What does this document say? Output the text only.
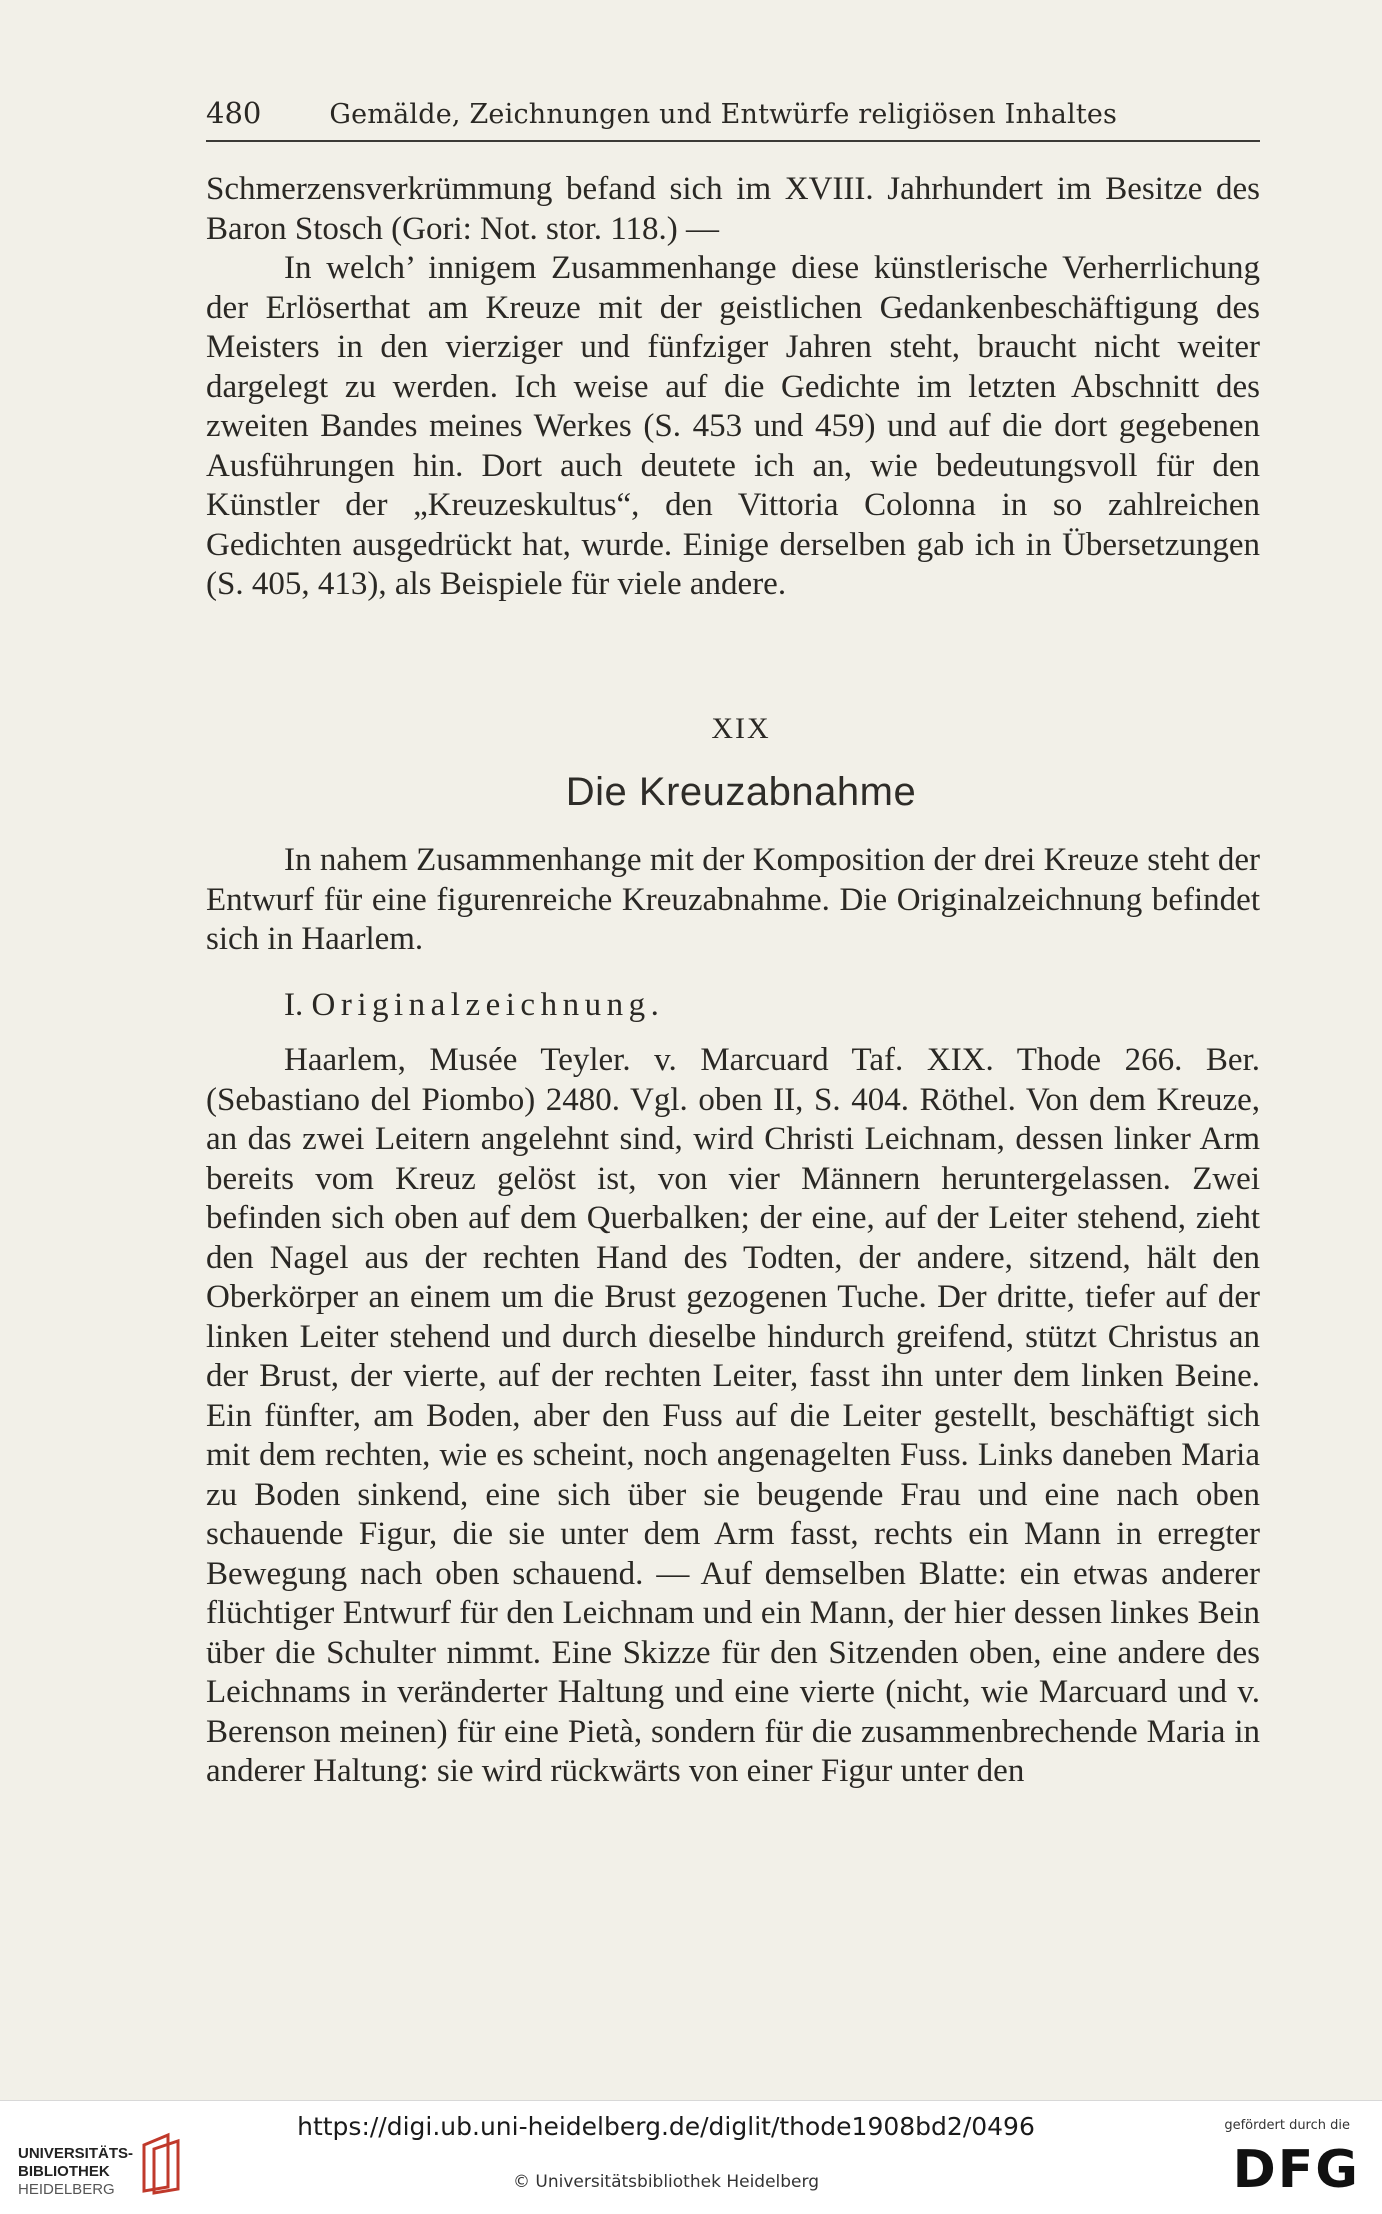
480	Gemälde, Zeichnungen und Entwürfe religiösen Inhaltes

Schmerzensverkrümmung befand sich im XVIII. Jahrhundert im Besitze des Baron Stosch (Gori: Not. stor. 118.) —

In welch’ innigem Zusammenhange diese künstlerische Verherrlichung der Erlöserthat am Kreuze mit der geistlichen Gedankenbeschäftigung des Meisters in den vierziger und fünfziger Jahren steht, braucht nicht weiter dargelegt zu werden. Ich weise auf die Gedichte im letzten Abschnitt des zweiten Bandes meines Werkes (S. 453 und 459) und auf die dort gegebenen Ausführungen hin. Dort auch deutete ich an, wie bedeutungsvoll für den Künstler der „Kreuzeskultus“, den Vittoria Colonna in so zahlreichen Gedichten ausgedrückt hat, wurde. Einige derselben gab ich in Übersetzungen (S. 405, 413), als Beispiele für viele andere.

XIX
Die Kreuzabnahme

In nahem Zusammenhange mit der Komposition der drei Kreuze steht der Entwurf für eine figurenreiche Kreuzabnahme. Die Originalzeichnung befindet sich in Haarlem.

I. Originalzeichnung.

Haarlem, Musée Teyler. v. Marcuard Taf. XIX. Thode 266. Ber. (Sebastiano del Piombo) 2480. Vgl. oben II, S. 404. Röthel. Von dem Kreuze, an das zwei Leitern angelehnt sind, wird Christi Leichnam, dessen linker Arm bereits vom Kreuz gelöst ist, von vier Männern heruntergelassen. Zwei befinden sich oben auf dem Querbalken; der eine, auf der Leiter stehend, zieht den Nagel aus der rechten Hand des Todten, der andere, sitzend, hält den Oberkörper an einem um die Brust gezogenen Tuche. Der dritte, tiefer auf der linken Leiter stehend und durch dieselbe hindurch greifend, stützt Christus an der Brust, der vierte, auf der rechten Leiter, fasst ihn unter dem linken Beine. Ein fünfter, am Boden, aber den Fuss auf die Leiter gestellt, beschäftigt sich mit dem rechten, wie es scheint, noch angenagelten Fuss. Links daneben Maria zu Boden sinkend, eine sich über sie beugende Frau und eine nach oben schauende Figur, die sie unter dem Arm fasst, rechts ein Mann in erregter Bewegung nach oben schauend. — Auf demselben Blatte: ein etwas anderer flüchtiger Entwurf für den Leichnam und ein Mann, der hier dessen linkes Bein über die Schulter nimmt. Eine Skizze für den Sitzenden oben, eine andere des Leichnams in veränderter Haltung und eine vierte (nicht, wie Marcuard und v. Berenson meinen) für eine Pietà, sondern für die zusammenbrechende Maria in anderer Haltung: sie wird rückwärts von einer Figur unter den

UNIVERSITÄTS-
BIBLIOTHEK
HEIDELBERG
https://digi.ub.uni-heidelberg.de/diglit/thode1908bd2/0496
© Universitätsbibliothek Heidelberg
gefördert durch die
DFG
